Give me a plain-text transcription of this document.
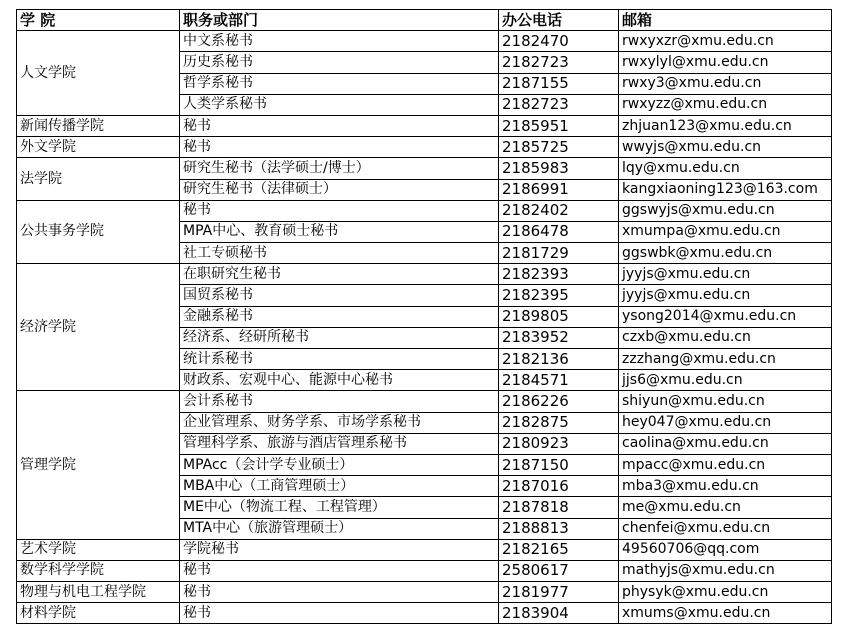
学 院	职务或部门	办公电话	邮箱
人文学院	中文系秘书	2182470	rwxyxzr@xmu.edu.cn
	历史系秘书	2182723	rwxylyl@xmu.edu.cn
	哲学系秘书	2187155	rwxy3@xmu.edu.cn
	人类学系秘书	2182723	rwxyzz@xmu.edu.cn
新闻传播学院	秘书	2185951	zhjuan123@xmu.edu.cn
外文学院	秘书	2185725	wwyjs@xmu.edu.cn
法学院	研究生秘书（法学硕士/博士）	2185983	lqy@xmu.edu.cn
	研究生秘书（法律硕士）	2186991	kangxiaoning123@163.com
公共事务学院	秘书	2182402	ggswyjs@xmu.edu.cn
	MPA中心、教育硕士秘书	2186478	xmumpa@xmu.edu.cn
	社工专硕秘书	2181729	ggswbk@xmu.edu.cn
经济学院	在职研究生秘书	2182393	jyyjs@xmu.edu.cn
	国贸系秘书	2182395	jyyjs@xmu.edu.cn
	金融系秘书	2189805	ysong2014@xmu.edu.cn
	经济系、经研所秘书	2183952	czxb@xmu.edu.cn
	统计系秘书	2182136	zzzhang@xmu.edu.cn
	财政系、宏观中心、能源中心秘书	2184571	jjs6@xmu.edu.cn
管理学院	会计系秘书	2186226	shiyun@xmu.edu.cn
	企业管理系、财务学系、市场学系秘书	2182875	hey047@xmu.edu.cn
	管理科学系、旅游与酒店管理系秘书	2180923	caolina@xmu.edu.cn
	MPAcc（会计学专业硕士）	2187150	mpacc@xmu.edu.cn
	MBA中心（工商管理硕士）	2187016	mba3@xmu.edu.cn
	ME中心（物流工程、工程管理）	2187818	me@xmu.edu.cn
	MTA中心（旅游管理硕士）	2188813	chenfei@xmu.edu.cn
艺术学院	学院秘书	2182165	49560706@qq.com
数学科学学院	秘书	2580617	mathyjs@xmu.edu.cn
物理与机电工程学院	秘书	2181977	physyk@xmu.edu.cn
材料学院	秘书	2183904	xmums@xmu.edu.cn
